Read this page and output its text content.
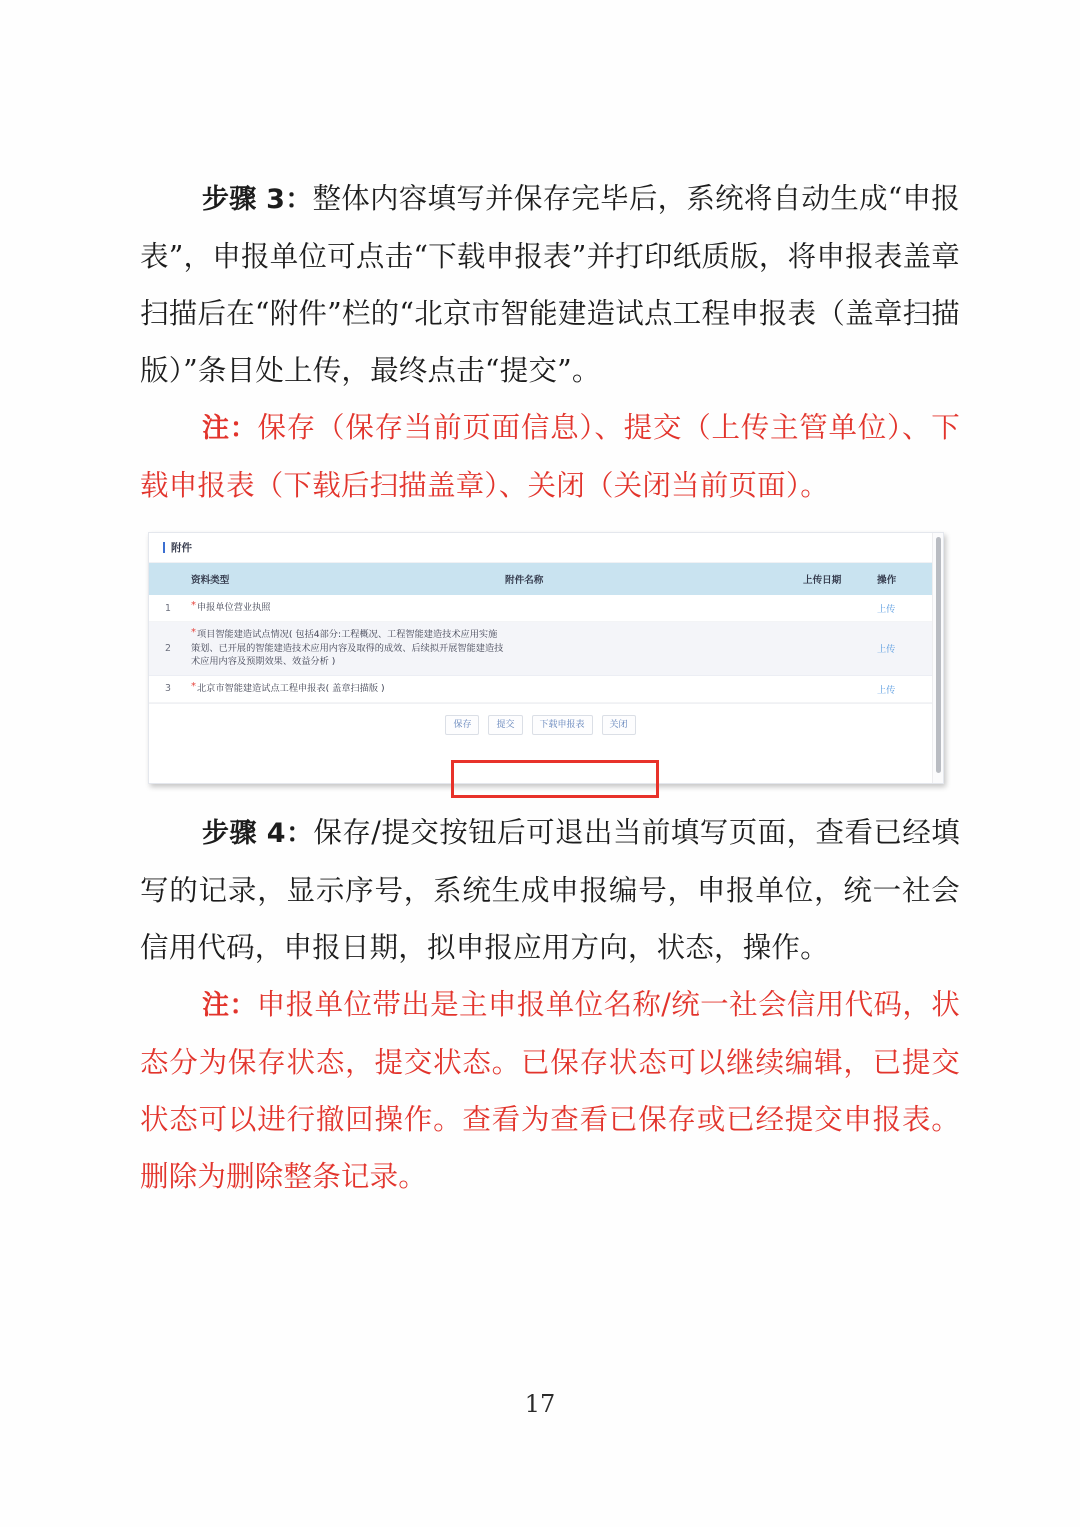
步骤 3：整体内容填写并保存完毕后，系统将自动生成“申报表”，申报单位可点击“下载申报表”并打印纸质版，将申报表盖章扫描后在“附件”栏的“北京市智能建造试点工程申报表（盖章扫描版）”条目处上传，最终点击“提交”。

注：保存（保存当前页面信息）、提交（上传主管单位）、下载申报表（下载后扫描盖章）、关闭（关闭当前页面）。

附件
	资料类型	附件名称	上传日期	操作
1	*申报单位营业执照			上传
2	*项目智能建造试点情况( 包括4部分:工程概况、工程智能建造技术应用实施策划、已开展的智能建造技术应用内容及取得的成效、后续拟开展智能建造技术应用内容及预期效果、效益分析 )			上传
3	*北京市智能建造试点工程申报表( 盖章扫描版 )			上传
保存	提交	下载申报表	关闭

步骤 4：保存/提交按钮后可退出当前填写页面，查看已经填写的记录，显示序号，系统生成申报编号，申报单位，统一社会信用代码，申报日期，拟申报应用方向，状态，操作。

注：申报单位带出是主申报单位名称/统一社会信用代码，状态分为保存状态，提交状态。已保存状态可以继续编辑，已提交状态可以进行撤回操作。查看为查看已保存或已经提交申报表。删除为删除整条记录。

17
